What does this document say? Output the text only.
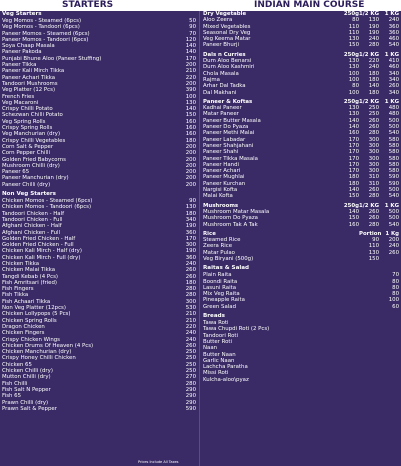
STARTERS	INDIAN MAIN COURSE
Veg Starters
Veg Momos - Steamed (6pcs)	50
Veg Momos - Tandoori (6pcs)	90
Paneer Momos - Steamed (6pcs)	70
Paneer Momos - Tandoori (6pcs)	120
Soya Chaap Masala	140
Paneer Pakoda	140
Punjabi Bhune Aloo (Paneer Stuffing)	170
Paneer Tikka	200
Paneer Kali Mirch Tikka	210
Paneer Achari Tikka	220
Tandoori Mushrooms	200
Veg Platter (12 Pcs)	390
French Fries	100
Veg Macaroni	130
Crispy Chilli Potato	140
Schezwan Chilli Potato	150
Veg Spring Rolls	160
Crispy Spring Rolls	160
Veg Manchurian (dry)	160
Crispy Chilli Vegetables	180
Corn Salt & Pepper	200
Corn Pepper Chilli	200
Golden Fried Babycorns	200
Mushroom Chilli (dry)	200
Paneer 65	200
Paneer Manchurian (dry)	200
Paneer Chilli (dry)	200
Non Veg Starters
Chicken Momos - Steamed (6pcs)	90
Chicken Momos - Tandoori (6pcs)	130
Tandoori Chicken - Half	180
Tandoori Chicken - Full	340
Afghani Chicken - Half	190
Afghani Chicken - Full	360
Golden Fried Chicken - Half	170
Golden Fried Chicken - Full	300
Chicken Kali Mirch - Half (dry)	190
Chicken Kali Mirch - Full (dry)	360
Chicken Tikka	240
Chicken Malai Tikka	260
Tangdi Kebab (4 Pcs)	260
Fish Amritsari (fried)	180
Fish Fingers	280
Fish Tikka	280
Fish Achaari Tikka	300
Non Veg Platter (12pcs)	530
Chicken Lollypops (5 Pcs)	210
Chicken Spring Rolls	210
Dragon Chicken	220
Chicken Fingers	240
Crispy Chicken Wings	240
Chicken Drums Of Heaven (4 Pcs)	260
Chicken Manchurian (dry)	250
Crispy Honey Chilli Chicken	250
Chicken 65	250
Chicken Chilli (dry)	250
Mutton Chilli (dry)	270
Fish Chilli	280
Fish Salt N Pepper	290
Fish 65	290
Prawn Chilli (dry)	290
Prawn Salt & Pepper	590
Dry Vegetable	250g 1/2 KG	1 KG
Aloo Zeera	80	130	240
Mixed Vegetables	110	190	360
Seasonal Dry Veg	110	190	360
Veg Keema Matar	130	240	460
Paneer Bhurji	150	280	540
Dals n Curries	250g 1/2 KG	1 KG
Dum Aloo Benarsi	130	220	410
Dum Aloo Kashmiri	130	240	460
Chola Masala	100	180	340
Rajma	100	180	340
Arhar Dal Tadka	80	140	260
Dal Makhani	100	180	340
Paneer & Koftas	250g 1/2 KG	1 KG
Kadhai Paneer	130	250	480
Matar Paneer	130	250	480
Paneer Butter Masala	140	260	500
Paneer Do Pyaza	140	260	500
Paneer Methi Malai	160	280	540
Paneer Labadar	170	300	580
Paneer Shahjahani	170	300	580
Paneer Shahi	170	300	580
Paneer Tikka Masala	170	300	580
Paneer Handi	170	300	580
Paneer Achari	170	300	580
Paneer Mughlai	180	310	590
Paneer Kurchan	180	310	590
Nargisi Kofta	140	260	500
Malai Kofta	150	280	540
Mushrooms	250g 1/2 KG	1 KG
Mushroom Matar Masala	140	260	500
Mushroom Do Pyaza	150	260	500
Mushroom Tak A Tak	160	280	540
Rice	Portion 1 Kg
Steamed Rice	90	200
Zeera Rice	110	240
Matar Pulao	130	260
Veg Biryani (500g)	150
Raitas & Salad
Plain Raita	70
Boondi Raita	80
Lasuni Raita	80
Mix Veg Raita	80
Pineapple Raita	100
Green Salad	60
Breads
Tawa Roti
Tawa Chupdi Roti (2 Pcs)
Tandoori Roti
Butter Roti
Naan
Butter Naan
Garlic Naan
Lachcha Paratha
Missi Roti
Kulcha-aloo\pyaz
Prices Include All Taxes
